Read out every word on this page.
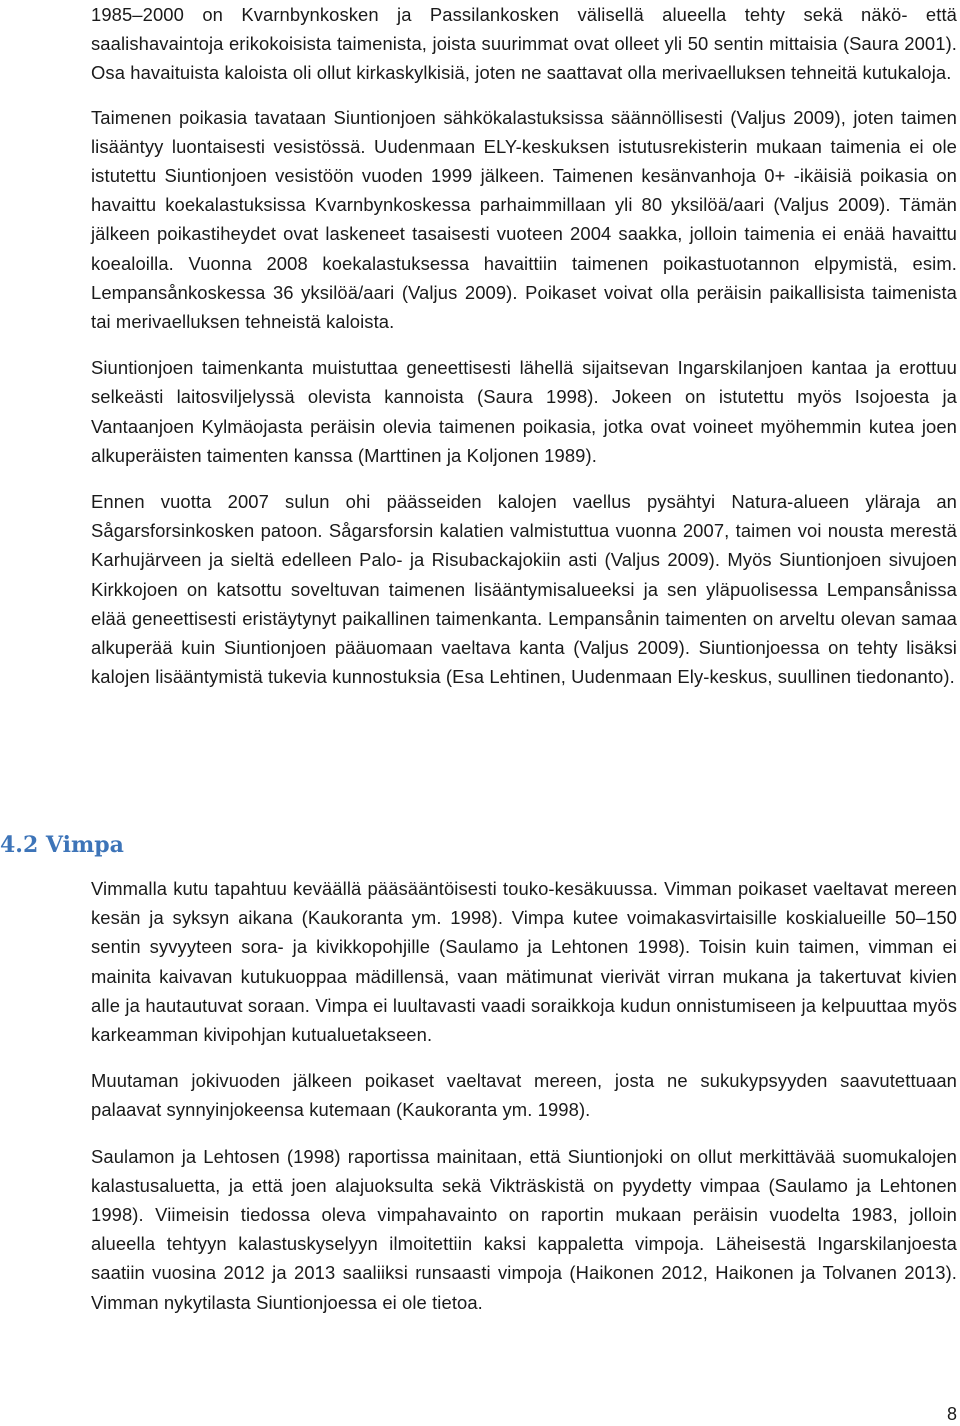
1985–2000 on Kvarnbynkosken ja Passilankosken välisellä alueella tehty sekä näkö- että saalishavaintoja erikokoisista taimenista, joista suurimmat ovat olleet yli 50 sentin mittaisia (Saura 2001). Osa havaituista kaloista oli ollut kirkaskylkisiä, joten ne saattavat olla merivaelluksen tehneitä kutukaloja.

Taimenen poikasia tavataan Siuntionjoen sähkökalastuksissa säännöllisesti (Valjus 2009), joten taimen lisääntyy luontaisesti vesistössä. Uudenmaan ELY-keskuksen istutusrekisterin mukaan taimenia ei ole istutettu Siuntionjoen vesistöön vuoden 1999 jälkeen. Taimenen kesänvanhoja 0+ -ikäisiä poikasia on havaittu koekalastuksissa Kvarnbynkoskessa parhaimmillaan yli 80 yksilöä/aari (Valjus 2009). Tämän jälkeen poikastiheydet ovat laskeneet tasaisesti vuoteen 2004 saakka, jolloin taimenia ei enää havaittu koealoilla. Vuonna 2008 koekalastuksessa havaittiin taimenen poikastuotannon elpymistä, esim. Lempansånkoskessa 36 yksilöä/aari (Valjus 2009). Poikaset voivat olla peräisin paikallisista taimenista tai merivaelluksen tehneistä kaloista.

Siuntionjoen taimenkanta muistuttaa geneettisesti lähellä sijaitsevan Ingarskilanjoen kantaa ja erottuu selkeästi laitosviljelyssä olevista kannoista (Saura 1998). Jokeen on istutettu myös Isojoesta ja Vantaanjoen Kylmäojasta peräisin olevia taimenen poikasia, jotka ovat voineet myöhemmin kutea joen alkuperäisten taimenten kanssa (Marttinen ja Koljonen 1989).

Ennen vuotta 2007 sulun ohi päässeiden kalojen vaellus pysähtyi Natura-alueen yläraja an Sågarsforsinkosken patoon. Sågarsforsin kalatien valmistuttua vuonna 2007, taimen voi nousta merestä Karhujärveen ja sieltä edelleen Palo- ja Risubackajokiin asti (Valjus 2009). Myös Siuntionjoen sivujoen Kirkkojoen on katsottu soveltuvan taimenen lisääntymisalueeksi ja sen yläpuolisessa Lempansånissa elää geneettisesti eristäytynyt paikallinen taimenkanta. Lempansånin taimenten on arveltu olevan samaa alkuperää kuin Siuntionjoen pääuomaan vaeltava kanta (Valjus 2009). Siuntionjoessa on tehty lisäksi kalojen lisääntymistä tukevia kunnostuksia (Esa Lehtinen, Uudenmaan Ely-keskus, suullinen tiedonanto).

4.2 Vimpa

Vimmalla kutu tapahtuu keväällä pääsääntöisesti touko-kesäkuussa. Vimman poikaset vaeltavat mereen kesän ja syksyn aikana (Kaukoranta ym. 1998). Vimpa kutee voimakasvirtaisille koskialueille 50–150 sentin syvyyteen sora- ja kivikkopohjille (Saulamo ja Lehtonen 1998). Toisin kuin taimen, vimman ei mainita kaivavan kutukuoppaa mädillensä, vaan mätimunat vierivät virran mukana ja takertuvat kivien alle ja hautautuvat soraan. Vimpa ei luultavasti vaadi soraikkoja kudun onnistumiseen ja kelpuuttaa myös karkeamman kivipohjan kutualuetakseen.

Muutaman jokivuoden jälkeen poikaset vaeltavat mereen, josta ne sukukypsyyden saavutettuaan palaavat synnyinjokeensa kutemaan (Kaukoranta ym. 1998).

Saulamon ja Lehtosen (1998) raportissa mainitaan, että Siuntionjoki on ollut merkittävää suomukalojen kalastusaluetta, ja että joen alajuoksulta sekä Vikträskistä on pyydetty vimpaa (Saulamo ja Lehtonen 1998). Viimeisin tiedossa oleva vimpahavainto on raportin mukaan peräisin vuodelta 1983, jolloin alueella tehtyyn kalastuskyselyyn ilmoitettiin kaksi kappaletta vimpoja. Läheisestä Ingarskilanjoesta saatiin vuosina 2012 ja 2013 saaliiksi runsaasti vimpoja (Haikonen 2012, Haikonen ja Tolvanen 2013). Vimman nykytilasta Siuntionjoessa ei ole tietoa.

8
